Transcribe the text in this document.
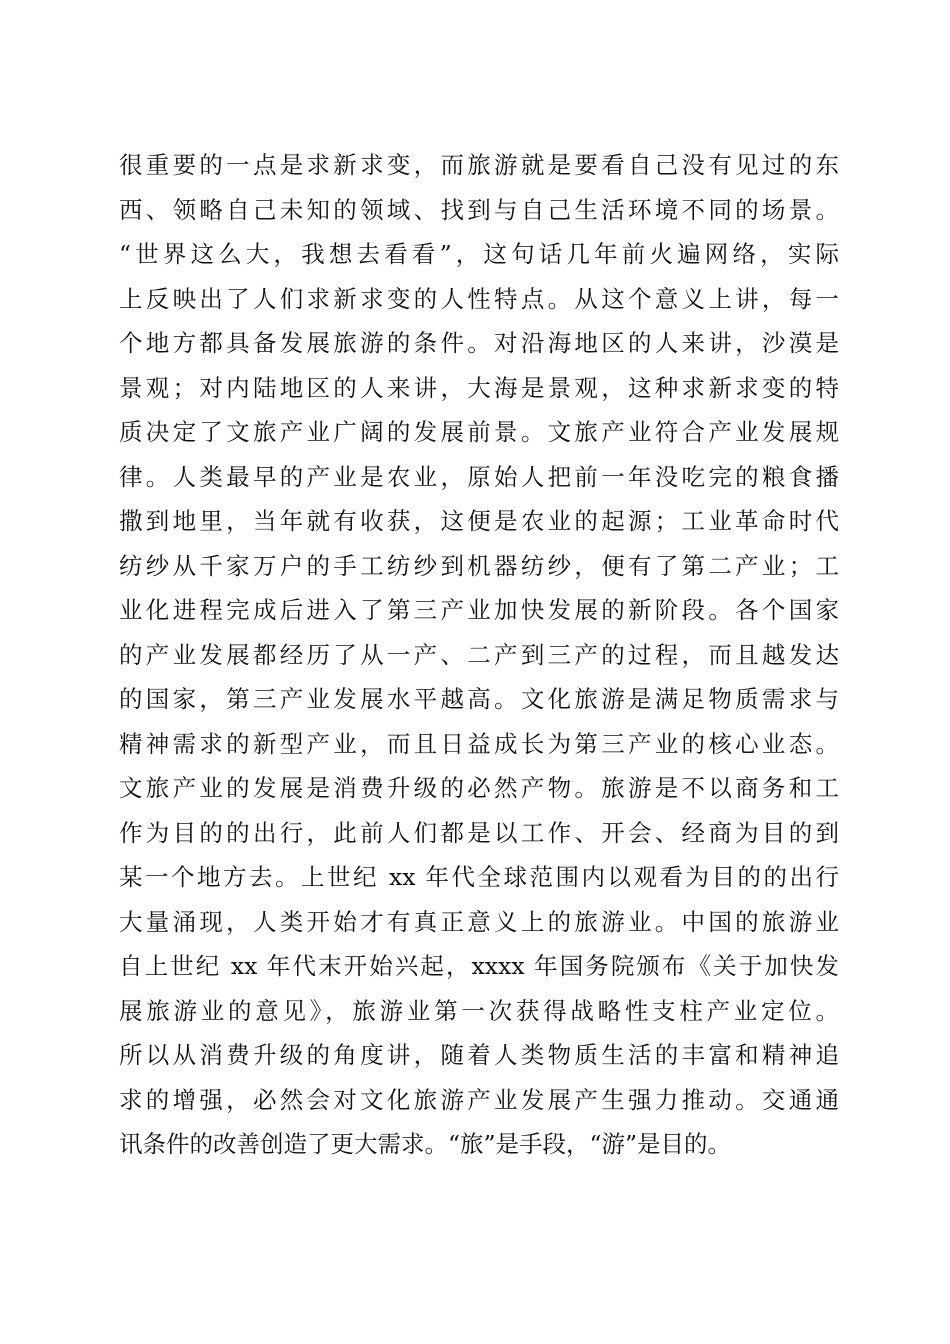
很重要的一点是求新求变，而旅游就是要看自己没有见过的东
西、领略自己未知的领域、找到与自己生活环境不同的场景。
“世界这么大，我想去看看”，这句话几年前火遍网络，实际
上反映出了人们求新求变的人性特点。从这个意义上讲，每一
个地方都具备发展旅游的条件。对沿海地区的人来讲，沙漠是
景观；对内陆地区的人来讲，大海是景观，这种求新求变的特
质决定了文旅产业广阔的发展前景。文旅产业符合产业发展规
律。人类最早的产业是农业，原始人把前一年没吃完的粮食播
撒到地里，当年就有收获，这便是农业的起源；工业革命时代
纺纱从千家万户的手工纺纱到机器纺纱，便有了第二产业；工
业化进程完成后进入了第三产业加快发展的新阶段。各个国家
的产业发展都经历了从一产、二产到三产的过程，而且越发达
的国家，第三产业发展水平越高。文化旅游是满足物质需求与
精神需求的新型产业，而且日益成长为第三产业的核心业态。
文旅产业的发展是消费升级的必然产物。旅游是不以商务和工
作为目的的出行，此前人们都是以工作、开会、经商为目的到
某一个地方去。上世纪 xx 年代全球范围内以观看为目的的出行
大量涌现，人类开始才有真正意义上的旅游业。中国的旅游业
自上世纪 xx 年代末开始兴起，xxxx 年国务院颁布《关于加快发
展旅游业的意见》，旅游业第一次获得战略性支柱产业定位。
所以从消费升级的角度讲，随着人类物质生活的丰富和精神追
求的增强，必然会对文化旅游产业发展产生强力推动。交通通
讯条件的改善创造了更大需求。“旅”是手段，“游”是目的。
